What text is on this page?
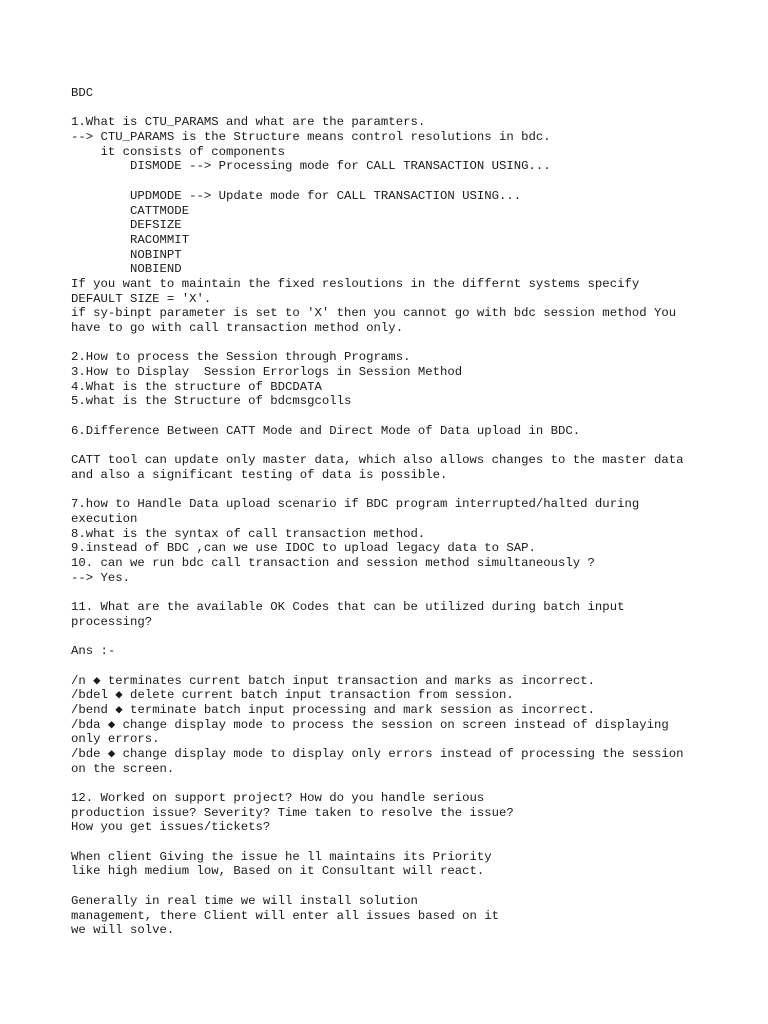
BDC
1.What is CTU_PARAMS and what are the paramters.
--> CTU_PARAMS is the Structure means control resolutions in bdc.
it consists of components
DISMODE --> Processing mode for CALL TRANSACTION USING...
UPDMODE --> Update mode for CALL TRANSACTION USING...
CATTMODE
DEFSIZE
RACOMMIT
NOBINPT
NOBIEND
If you want to maintain the fixed resloutions in the differnt systems specify
DEFAULT SIZE = 'X'.
if sy-binpt parameter is set to 'X' then you cannot go with bdc session method You
have to go with call transaction method only.
2.How to process the Session through Programs.
3.How to Display  Session Errorlogs in Session Method
4.What is the structure of BDCDATA
5.what is the Structure of bdcmsgcolls
6.Difference Between CATT Mode and Direct Mode of Data upload in BDC.
CATT tool can update only master data, which also allows changes to the master data
and also a significant testing of data is possible.
7.how to Handle Data upload scenario if BDC program interrupted/halted during
execution
8.what is the syntax of call transaction method.
9.instead of BDC ,can we use IDOC to upload legacy data to SAP.
10. can we run bdc call transaction and session method simultaneously ?
--> Yes.
11. What are the available OK Codes that can be utilized during batch input
processing?
Ans :-
/n ◆ terminates current batch input transaction and marks as incorrect.
/bdel ◆ delete current batch input transaction from session.
/bend ◆ terminate batch input processing and mark session as incorrect.
/bda ◆ change display mode to process the session on screen instead of displaying
only errors.
/bde ◆ change display mode to display only errors instead of processing the session
on the screen.
12. Worked on support project? How do you handle serious
production issue? Severity? Time taken to resolve the issue?
How you get issues/tickets?
When client Giving the issue he ll maintains its Priority
like high medium low, Based on it Consultant will react.
Generally in real time we will install solution
management, there Client will enter all issues based on it
we will solve.
